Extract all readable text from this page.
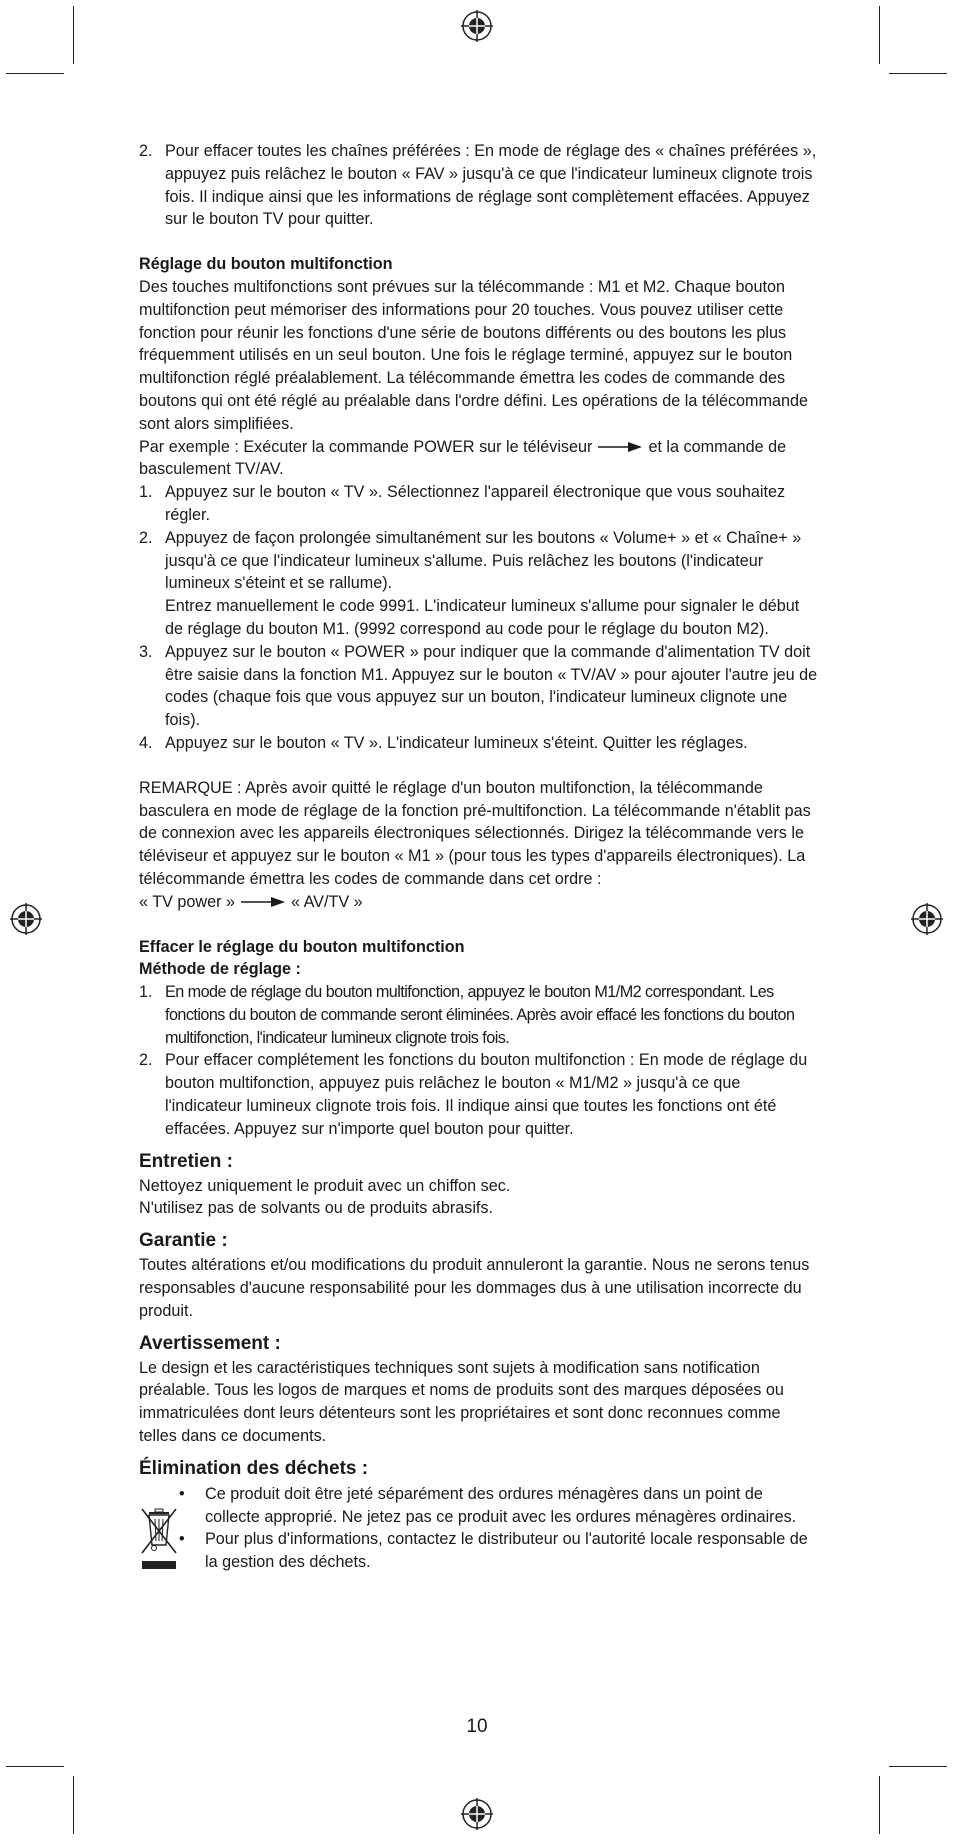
2. Pour effacer toutes les chaînes préférées : En mode de réglage des « chaînes préférées », appuyez puis relâchez le bouton « FAV » jusqu'à ce que l'indicateur lumineux clignote trois fois. Il indique ainsi que les informations de réglage sont complètement effacées. Appuyez sur le bouton TV pour quitter.

Réglage du bouton multifonction

Des touches multifonctions sont prévues sur la télécommande : M1 et M2. Chaque bouton multifonction peut mémoriser des informations pour 20 touches. Vous pouvez utiliser cette fonction pour réunir les fonctions d'une série de boutons différents ou des boutons les plus fréquemment utilisés en un seul bouton. Une fois le réglage terminé, appuyez sur le bouton multifonction réglé préalablement. La télécommande émettra les codes de commande des boutons qui ont été réglé au préalable dans l'ordre défini. Les opérations de la télécommande sont alors simplifiées.

Par exemple : Exécuter la commande POWER sur le téléviseur	et la commande de basculement TV/AV.

1. Appuyez sur le bouton « TV ». Sélectionnez l'appareil électronique que vous souhaitez régler.
2. Appuyez de façon prolongée simultanément sur les boutons « Volume+ » et « Chaîne+ » jusqu'à ce que l'indicateur lumineux s'allume. Puis relâchez les boutons (l'indicateur lumineux s'éteint et se rallume).
Entrez manuellement le code 9991. L'indicateur lumineux s'allume pour signaler le début de réglage du bouton M1. (9992 correspond au code pour le réglage du bouton M2).
3. Appuyez sur le bouton « POWER » pour indiquer que la commande d'alimentation TV doit être saisie dans la fonction M1. Appuyez sur le bouton « TV/AV » pour ajouter l'autre jeu de codes (chaque fois que vous appuyez sur un bouton, l'indicateur lumineux clignote une fois).
4. Appuyez sur le bouton « TV ». L'indicateur lumineux s'éteint. Quitter les réglages.

REMARQUE : Après avoir quitté le réglage d'un bouton multifonction, la télécommande basculera en mode de réglage de la fonction pré-multifonction. La télécommande n'établit pas de connexion avec les appareils électroniques sélectionnés. Dirigez la télécommande vers le téléviseur et appuyez sur le bouton « M1 » (pour tous les types d'appareils électroniques). La télécommande émettra les codes de commande dans cet ordre :
« TV power »	« AV/TV »

Effacer le réglage du bouton multifonction

Méthode de réglage :

1. En mode de réglage du bouton multifonction, appuyez le bouton M1/M2 correspondant. Les fonctions du bouton de commande seront éliminées. Après avoir effacé les fonctions du bouton multifonction, l'indicateur lumineux clignote trois fois.
2. Pour effacer complétement les fonctions du bouton multifonction : En mode de réglage du bouton multifonction, appuyez puis relâchez le bouton « M1/M2 » jusqu'à ce que l'indicateur lumineux clignote trois fois. Il indique ainsi que toutes les fonctions ont été effacées. Appuyez sur n'importe quel bouton pour quitter.

Entretien :

Nettoyez uniquement le produit avec un chiffon sec.

N'utilisez pas de solvants ou de produits abrasifs.

Garantie :

Toutes altérations et/ou modifications du produit annuleront la garantie. Nous ne serons tenus responsables d'aucune responsabilité pour les dommages dus à une utilisation incorrecte du produit.

Avertissement :

Le design et les caractéristiques techniques sont sujets à modification sans notification préalable. Tous les logos de marques et noms de produits sont des marques déposées ou immatriculées dont leurs détenteurs sont les propriétaires et sont donc reconnues comme telles dans ce documents.

Élimination des déchets :

•	Ce produit doit être jeté séparément des ordures ménagères dans un point de collecte approprié. Ne jetez pas ce produit avec les ordures ménagères ordinaires.
•	Pour plus d'informations, contactez le distributeur ou l'autorité locale responsable de la gestion des déchets.
10
